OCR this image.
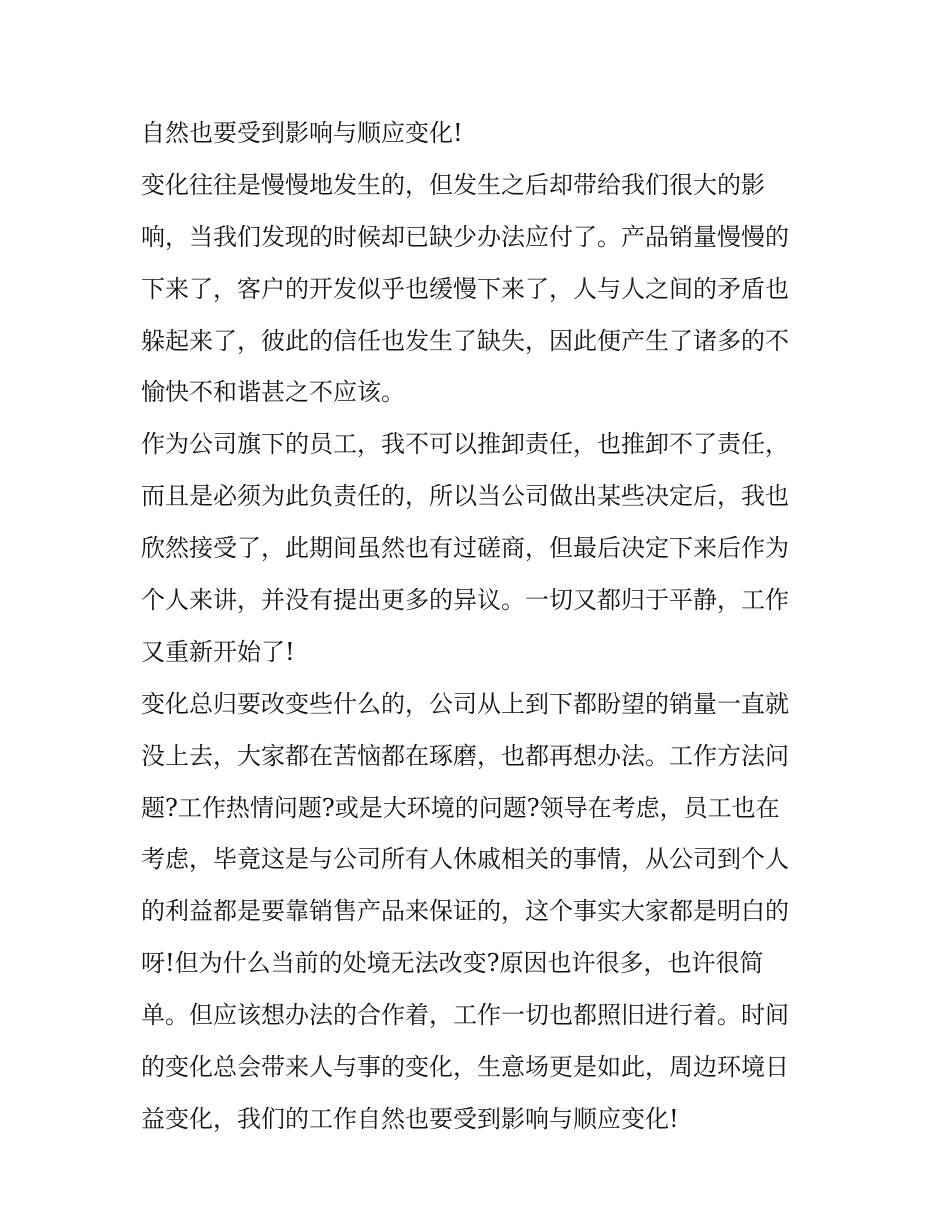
自然也要受到影响与顺应变化!
变化往往是慢慢地发生的，但发生之后却带给我们很大的影
响，当我们发现的时候却已缺少办法应付了。产品销量慢慢的
下来了，客户的开发似乎也缓慢下来了，人与人之间的矛盾也
躲起来了，彼此的信任也发生了缺失，因此便产生了诸多的不
愉快不和谐甚之不应该。
作为公司旗下的员工，我不可以推卸责任，也推卸不了责任，
而且是必须为此负责任的，所以当公司做出某些决定后，我也
欣然接受了，此期间虽然也有过磋商，但最后决定下来后作为
个人来讲，并没有提出更多的异议。一切又都归于平静，工作
又重新开始了!
变化总归要改变些什么的，公司从上到下都盼望的销量一直就
没上去，大家都在苦恼都在琢磨，也都再想办法。工作方法问
题?工作热情问题?或是大环境的问题?领导在考虑，员工也在
考虑，毕竟这是与公司所有人休戚相关的事情，从公司到个人
的利益都是要靠销售产品来保证的，这个事实大家都是明白的
呀!但为什么当前的处境无法改变?原因也许很多，也许很简
单。但应该想办法的合作着，工作一切也都照旧进行着。时间
的变化总会带来人与事的变化，生意场更是如此，周边环境日
益变化，我们的工作自然也要受到影响与顺应变化!
